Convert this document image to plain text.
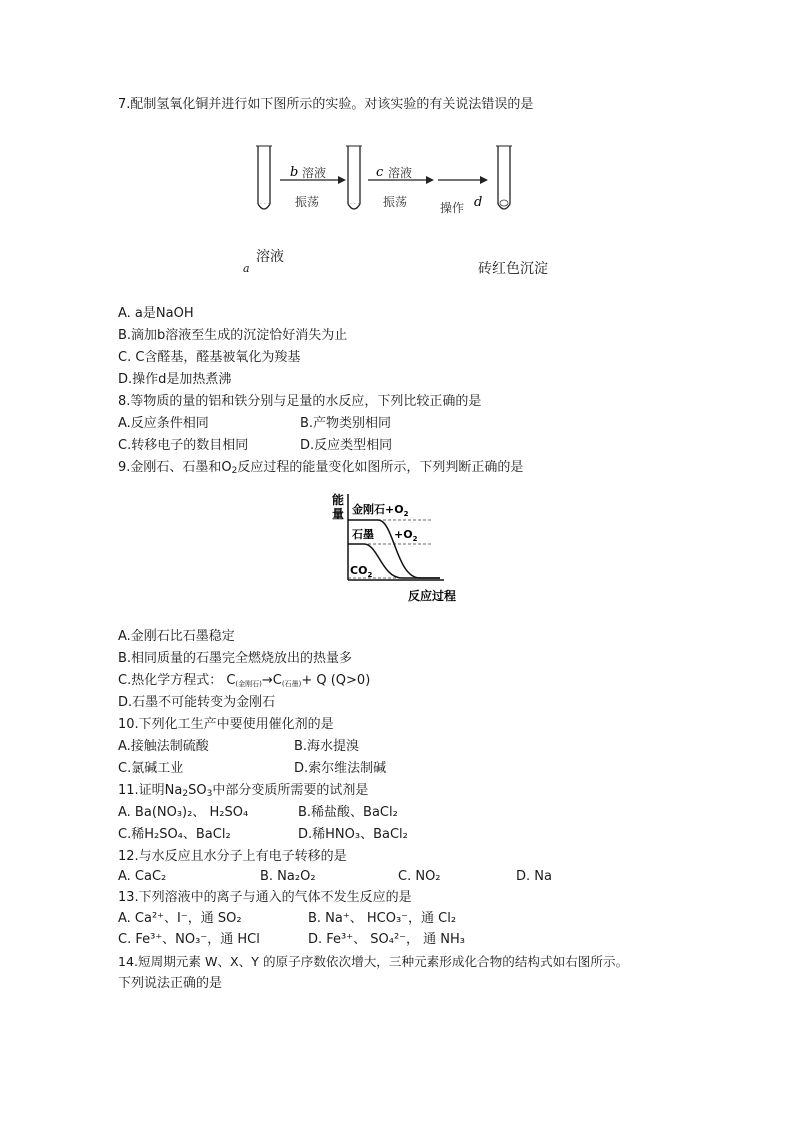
7.配制氢氧化铜并进行如下图所示的实验。对该实验的有关说法错误的是
· · ·	· · ·
b 溶液
振荡
c 溶液
振荡	操作 d
a
溶液
砖红色沉淀
A. a是NaOH
B.滴加b溶液至生成的沉淀恰好消失为止
C. C含醛基，醛基被氧化为羧基
D.操作d是加热煮沸
8.等物质的量的铝和铁分别与足量的水反应，下列比较正确的是
A.反应条件相同	B.产物类别相同
C.转移电子的数目相同	D.反应类型相同
9.金刚石、石墨和$O_2$反应过程的能量变化如图所示，下列判断正确的是
能
量 金刚石$+O_2$
石墨 $+O_2$
$CO_2$
反应过程
A.金刚石比石墨稳定
B.相同质量的石墨完全燃烧放出的热量多
C.热化学方程式： $C_{(金刚石)}\to C_{(石墨)}+ Q$ (Q>0)
D.石墨不可能转变为金刚石
10.下列化工生产中要使用催化剂的是
A.接触法制硫酸	B.海水提溴
C.氯碱工业	D.索尔维法制碱
11.证明$Na_2SO_3$中部分变质所需要的试剂是
A. Ba(NO₃)₂、 H₂SO₄	B.稀盐酸、BaCl₂
C.稀H₂SO₄、BaCl₂	D.稀HNO₃、BaCl₂
12.与水反应且水分子上有电子转移的是
A. CaC₂	B. Na₂O₂	C. NO₂	D. Na
13.下列溶液中的离子与通入的气体不发生反应的是
A. Ca²⁺、I⁻，通 SO₂	B. Na⁺、 HCO₃⁻，通 Cl₂
C. Fe³⁺、NO₃⁻，通 HCl	D. Fe³⁺、 SO₄²⁻， 通 NH₃
14.短周期元素 W、X、Y 的原子序数依次增大，三种元素形成化合物的结构式如右图所示。
下列说法正确的是
